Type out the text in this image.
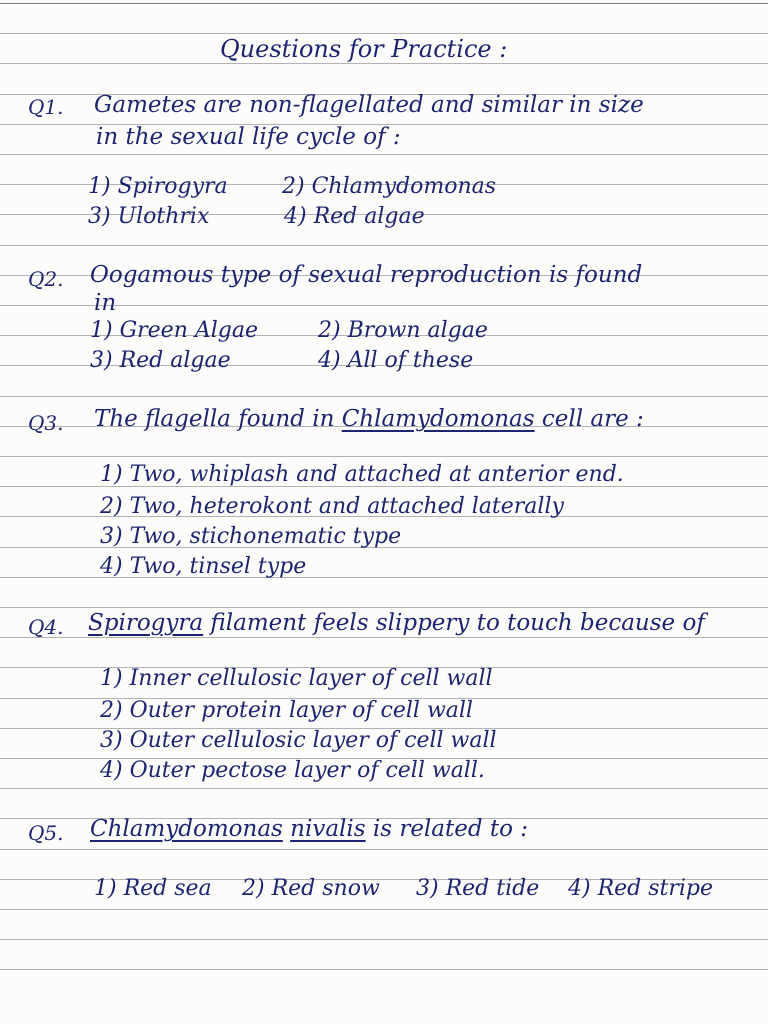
Questions for Practice :
Q1. Gametes are non-flagellated and similar in size
in the sexual life cycle of :
1) Spirogyra 2) Chlamydomonas
3) Ulothrix	4) Red algae
Q2. Oogamous type of sexual reproduction is found
in
1) Green Algae	2) Brown algae
3) Red algae	4) All of these
Q3. The flagella found in Chlamydomonas cell are :
1) Two, whiplash and attached at anterior end.
2) Two, heterokont and attached laterally
3) Two, stichonematic type
4) Two, tinsel type
Q4. Spirogyra filament feels slippery to touch because of
1) Inner cellulosic layer of cell wall
2) Outer protein layer of cell wall
3) Outer cellulosic layer of cell wall
4) Outer pectose layer of cell wall.
Q5. Chlamydomonas nivalis is related to :
1) Red sea 2) Red snow 3) Red tide 4) Red stripe
